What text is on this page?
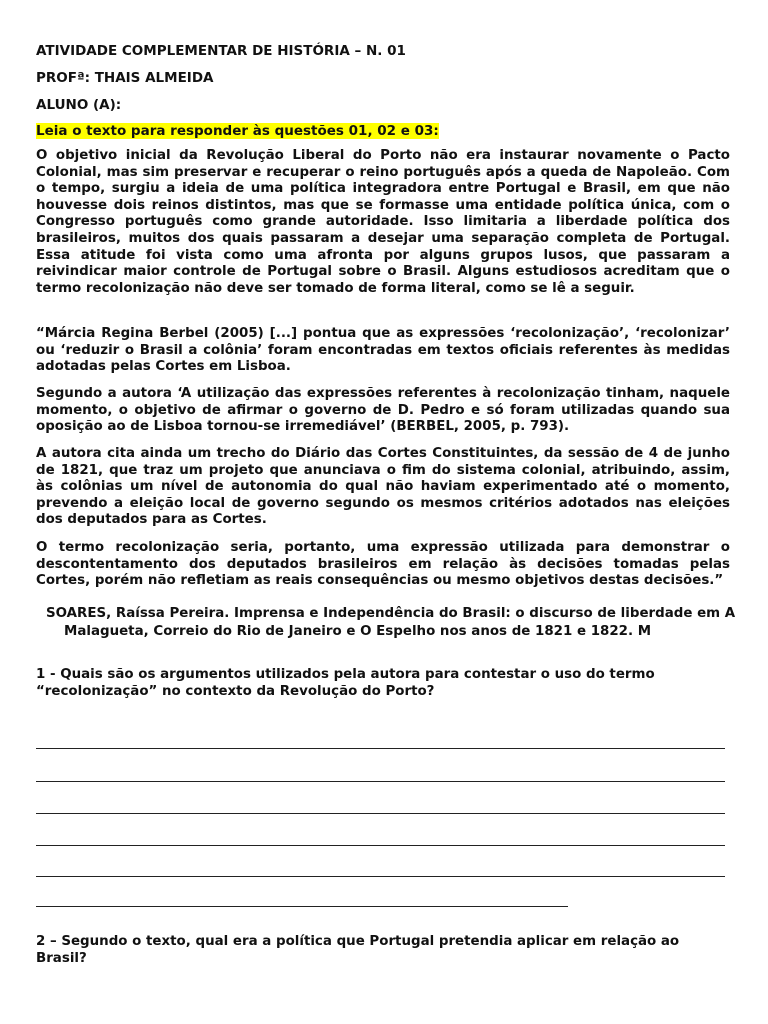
ATIVIDADE COMPLEMENTAR DE HISTÓRIA – N. 01
PROFª: THAIS ALMEIDA
ALUNO (A):
Leia o texto para responder às questões 01, 02 e 03:

O objetivo inicial da Revolução Liberal do Porto não era instaurar novamente o Pacto Colonial, mas sim preservar e recuperar o reino português após a queda de Napoleão. Com o tempo, surgiu a ideia de uma política integradora entre Portugal e Brasil, em que não houvesse dois reinos distintos, mas que se formasse uma entidade política única, com o Congresso português como grande autoridade. Isso limitaria a liberdade política dos brasileiros, muitos dos quais passaram a desejar uma separação completa de Portugal. Essa atitude foi vista como uma afronta por alguns grupos lusos, que passaram a reivindicar maior controle de Portugal sobre o Brasil. Alguns estudiosos acreditam que o termo recolonização não deve ser tomado de forma literal, como se lê a seguir.

“Márcia Regina Berbel (2005) [...] pontua que as expressões ‘recolonização’, ‘recolonizar’ ou ‘reduzir o Brasil a colônia’ foram encontradas em textos oficiais referentes às medidas adotadas pelas Cortes em Lisboa.

Segundo a autora ‘A utilização das expressões referentes à recolonização tinham, naquele momento, o objetivo de afirmar o governo de D. Pedro e só foram utilizadas quando sua oposição ao de Lisboa tornou-se irremediável’ (BERBEL, 2005, p. 793).

A autora cita ainda um trecho do Diário das Cortes Constituintes, da sessão de 4 de junho de 1821, que traz um projeto que anunciava o fim do sistema colonial, atribuindo, assim, às colônias um nível de autonomia do qual não haviam experimentado até o momento, prevendo a eleição local de governo segundo os mesmos critérios adotados nas eleições dos deputados para as Cortes.

O termo recolonização seria, portanto, uma expressão utilizada para demonstrar o descontentamento dos deputados brasileiros em relação às decisões tomadas pelas Cortes, porém não refletiam as reais consequências ou mesmo objetivos destas decisões.”

SOARES, Raíssa Pereira. Imprensa e Independência do Brasil: o discurso de liberdade em A Malagueta, Correio do Rio de Janeiro e O Espelho nos anos de 1821 e 1822. M

1 - Quais são os argumentos utilizados pela autora para contestar o uso do termo “recolonização” no contexto da Revolução do Porto?

2 – Segundo o texto, qual era a política que Portugal pretendia aplicar em relação ao Brasil?
